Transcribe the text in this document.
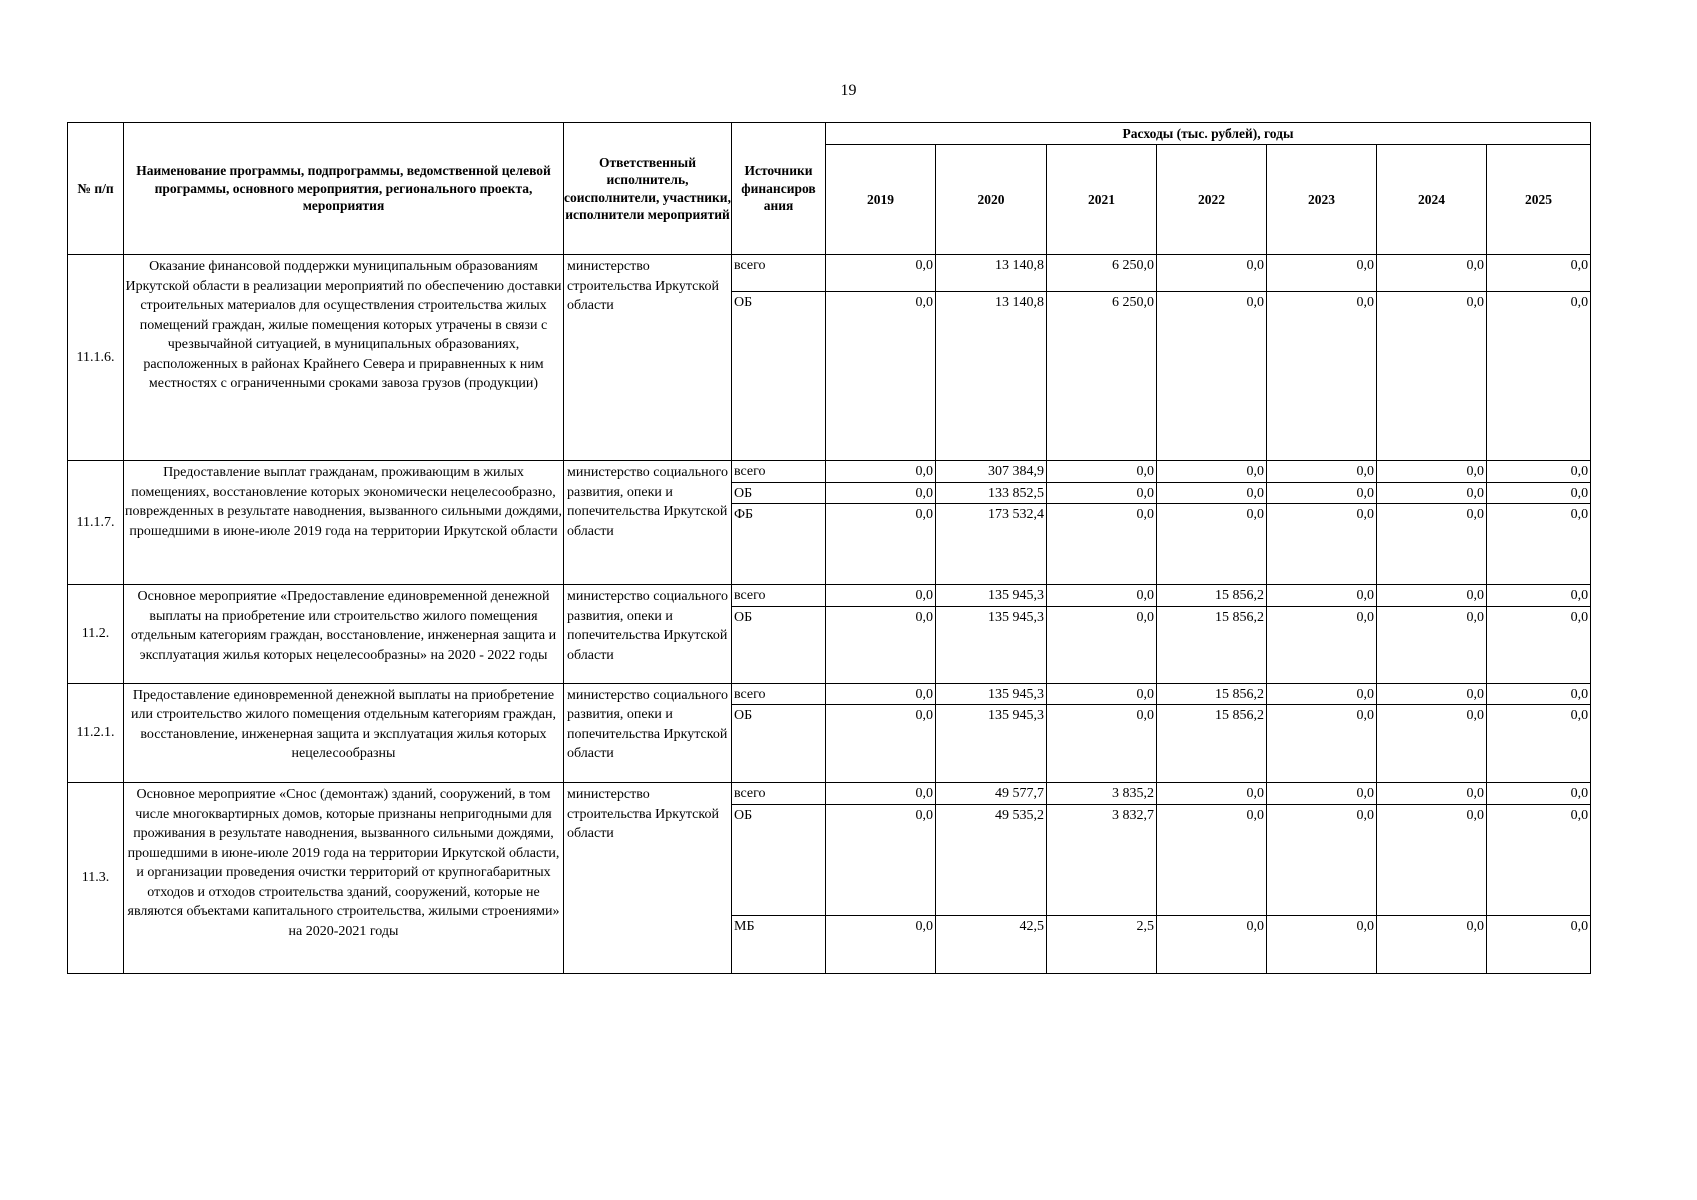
19
№ п/п	Наименование программы, подпрограммы, ведомственной целевой программы, основного мероприятия, регионального проекта, мероприятия	Ответственный исполнитель, соисполнители, участники, исполнители мероприятий	Источники финансиров ания	Расходы (тыс. рублей), годы						
				2019	2020	2021	2022	2023	2024	2025
11.1.6.	Оказание финансовой поддержки муниципальным образованиям Иркутской области в реализации мероприятий по обеспечению доставки строительных материалов для осуществления строительства жилых помещений граждан, жилые помещения которых утрачены в связи с чрезвычайной ситуацией, в муниципальных образованиях, расположенных в районах Крайнего Севера и приравненных к ним местностях с ограниченными сроками завоза грузов (продукции)	министерство строительства Иркутской области	всего	0,0	13 140,8	6 250,0	0,0	0,0	0,0	0,0
			ОБ	0,0	13 140,8	6 250,0	0,0	0,0	0,0	0,0
11.1.7.	Предоставление выплат гражданам, проживающим в жилых помещениях, восстановление которых экономически нецелесообразно, поврежденных в результате наводнения, вызванного сильными дождями, прошедшими в июне-июле 2019 года на территории Иркутской области	министерство социального развития, опеки и попечительства Иркутской области	всего	0,0	307 384,9	0,0	0,0	0,0	0,0	0,0
			ОБ	0,0	133 852,5	0,0	0,0	0,0	0,0	0,0
			ФБ	0,0	173 532,4	0,0	0,0	0,0	0,0	0,0
11.2.	Основное мероприятие «Предоставление единовременной денежной выплаты на приобретение или строительство жилого помещения отдельным категориям граждан, восстановление, инженерная защита и эксплуатация жилья которых нецелесообразны» на 2020 - 2022 годы	министерство социального развития, опеки и попечительства Иркутской области	всего	0,0	135 945,3	0,0	15 856,2	0,0	0,0	0,0
			ОБ	0,0	135 945,3	0,0	15 856,2	0,0	0,0	0,0
11.2.1.	Предоставление единовременной денежной выплаты на приобретение или строительство жилого помещения отдельным категориям граждан, восстановление, инженерная защита и эксплуатация жилья которых нецелесообразны	министерство социального развития, опеки и попечительства Иркутской области	всего	0,0	135 945,3	0,0	15 856,2	0,0	0,0	0,0
			ОБ	0,0	135 945,3	0,0	15 856,2	0,0	0,0	0,0
11.3.	Основное мероприятие «Снос (демонтаж) зданий, сооружений, в том числе многоквартирных домов, которые признаны непригодными для проживания в результате наводнения, вызванного сильными дождями, прошедшими в июне-июле 2019 года на территории Иркутской области, и организации проведения очистки территорий от крупногабаритных отходов и отходов строительства зданий, сооружений, которые не являются объектами капитального строительства, жилыми строениями» на 2020-2021 годы	министерство строительства Иркутской области	всего	0,0	49 577,7	3 835,2	0,0	0,0	0,0	0,0
			ОБ	0,0	49 535,2	3 832,7	0,0	0,0	0,0	0,0
			МБ	0,0	42,5	2,5	0,0	0,0	0,0	0,0
